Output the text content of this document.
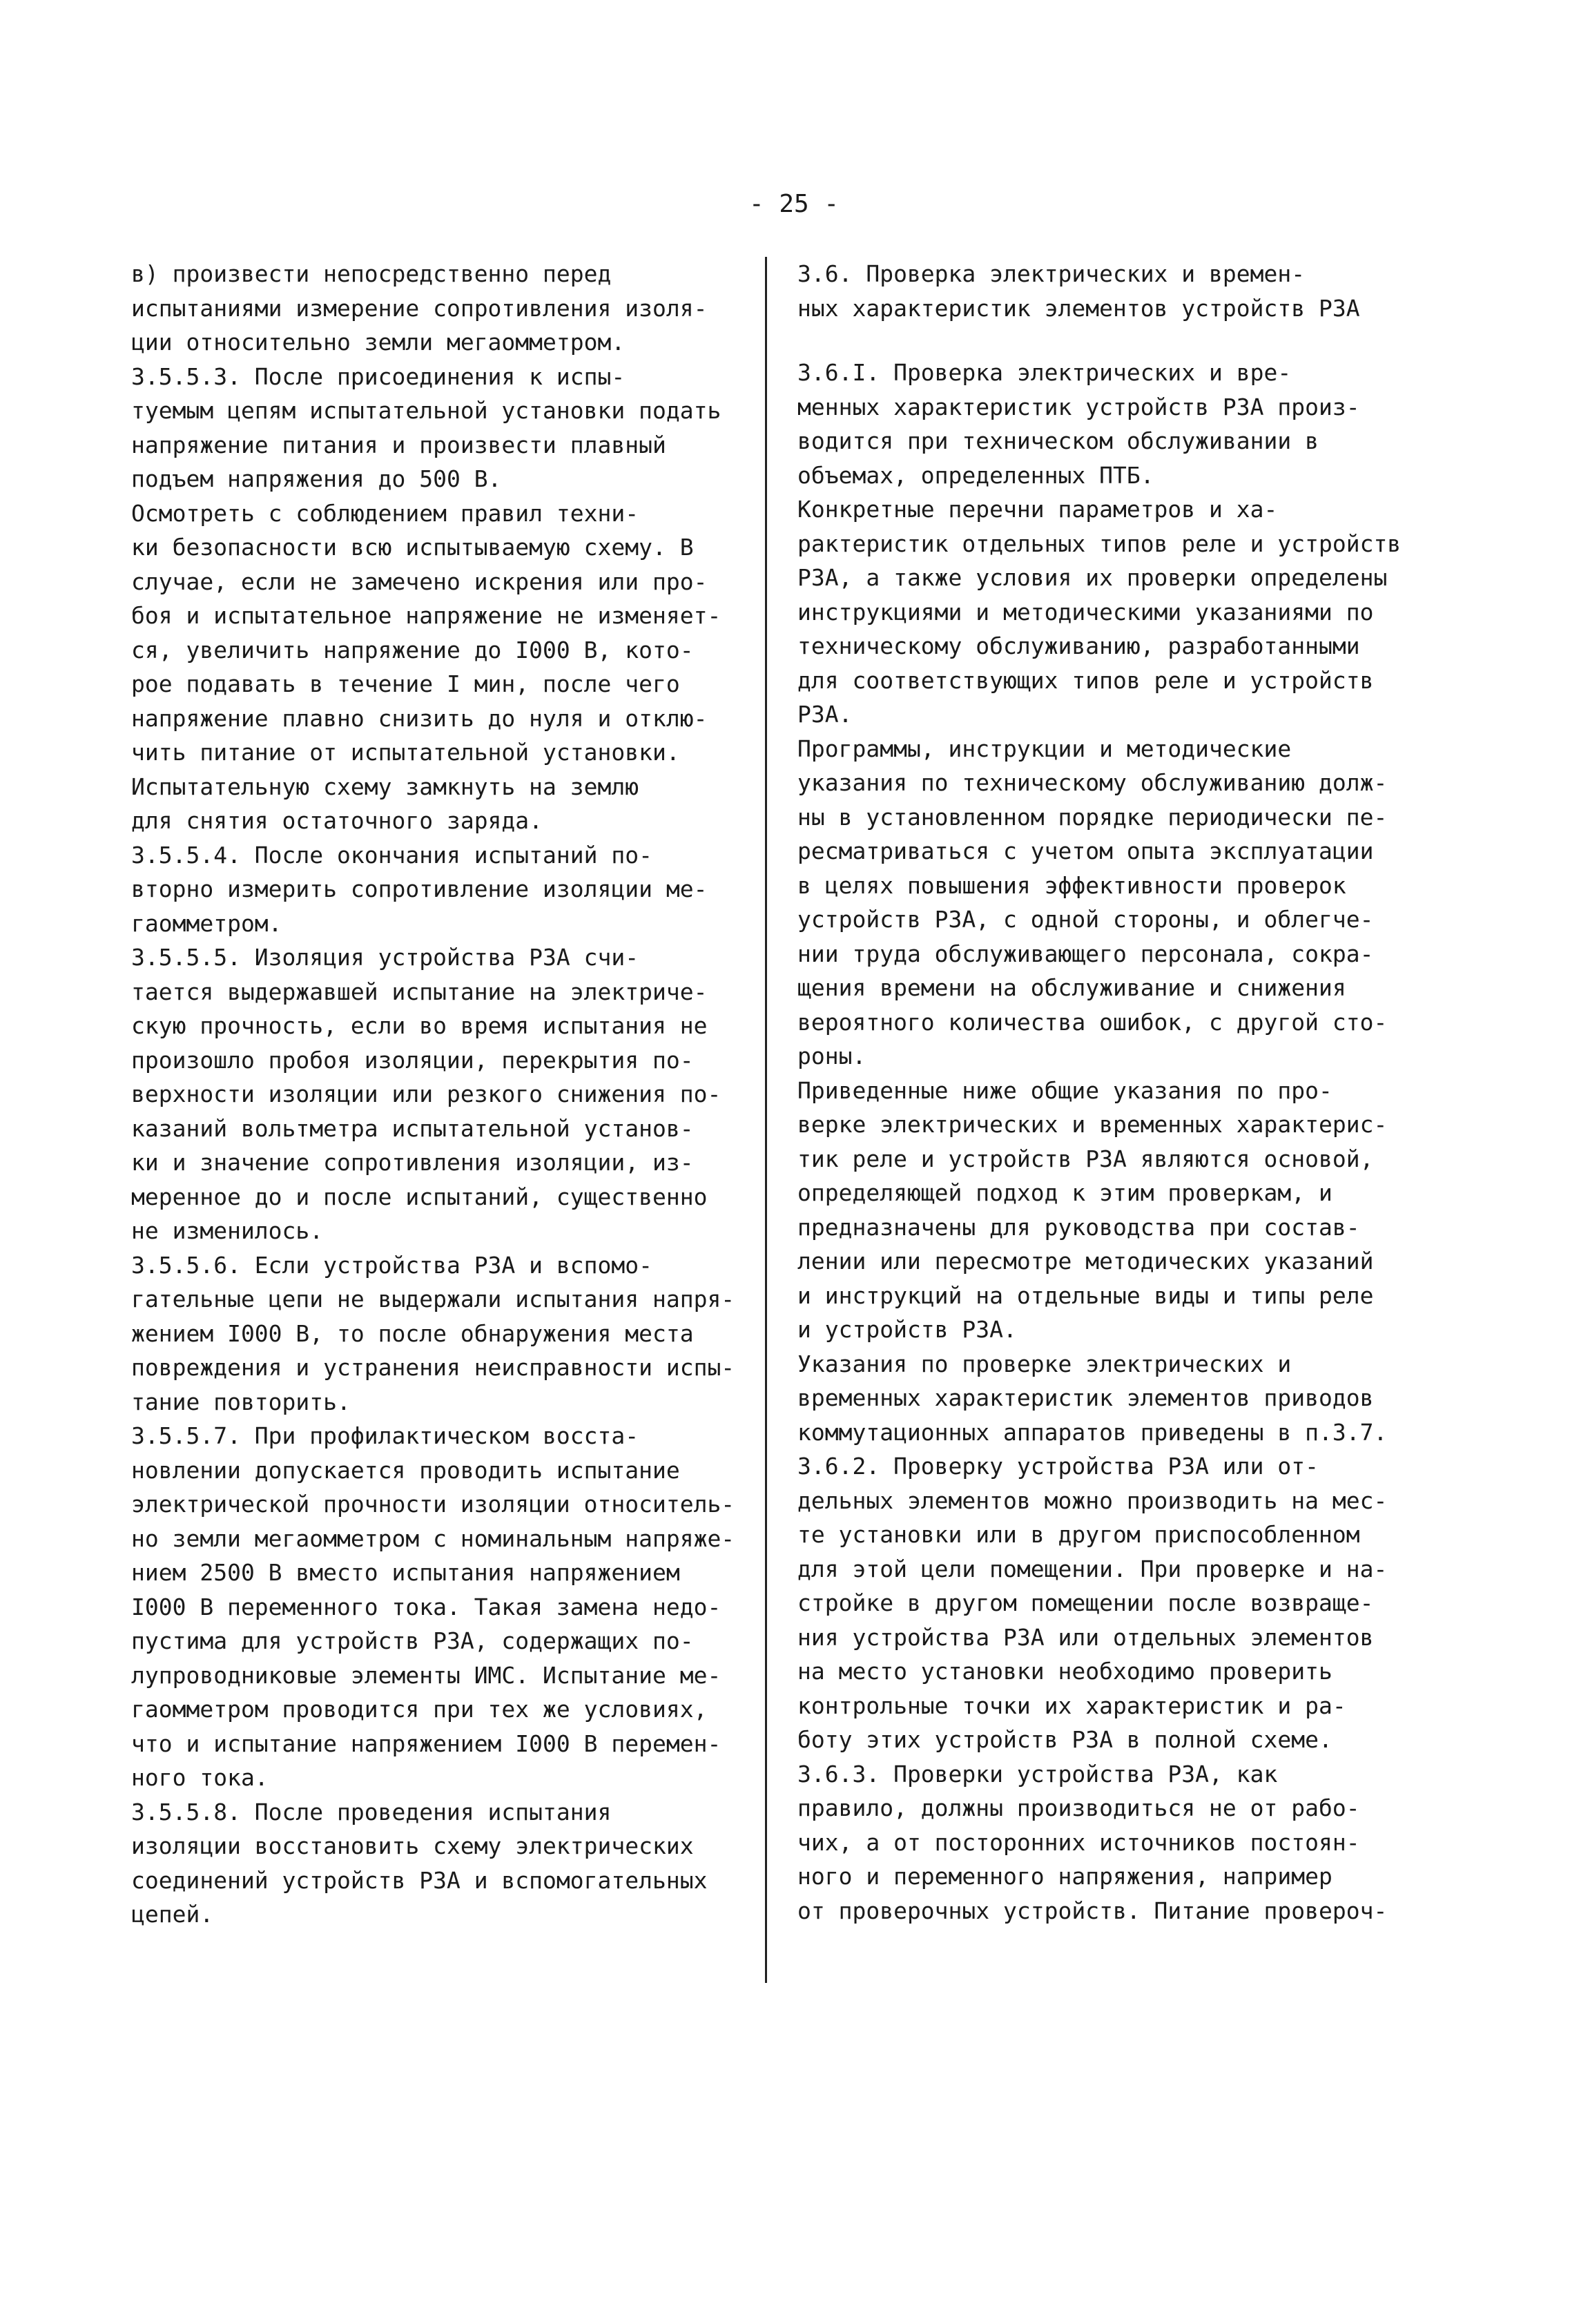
- 25 -

в) произвести непосредственно перед
испытаниями измерение сопротивления изоля-
ции относительно земли мегаомметром.

3.5.5.3. После присоединения к испы-
туемым цепям испытательной установки подать
напряжение питания и произвести плавный
подъем напряжения до 500 В.

Осмотреть с соблюдением правил техни-
ки безопасности всю испытываемую схему. В
случае, если не замечено искрения или про-
боя и испытательное напряжение не изменяет-
ся, увеличить напряжение до I000 В, кото-
рое подавать в течение I мин, после чего
напряжение плавно снизить до нуля и отклю-
чить питание от испытательной установки.

Испытательную схему замкнуть на землю
для снятия остаточного заряда.

3.5.5.4. После окончания испытаний по-
вторно измерить сопротивление изоляции ме-
гаомметром.

3.5.5.5. Изоляция устройства РЗА счи-
тается выдержавшей испытание на электриче-
скую прочность, если во время испытания не
произошло пробоя изоляции, перекрытия по-
верхности изоляции или резкого снижения по-
казаний вольтметра испытательной установ-
ки и значение сопротивления изоляции, из-
меренное до и после испытаний, существенно
не изменилось.

3.5.5.6. Если устройства РЗА и вспомо-
гательные цепи не выдержали испытания напря-
жением I000 В, то после обнаружения места
повреждения и устранения неисправности испы-
тание повторить.

3.5.5.7. При профилактическом восста-
новлении допускается проводить испытание
электрической прочности изоляции относитель-
но земли мегаомметром с номинальным напряже-
нием 2500 В вместо испытания напряжением
I000 В переменного тока. Такая замена недо-
пустима для устройств РЗА, содержащих по-
лупроводниковые элементы ИМС. Испытание ме-
гаомметром проводится при тех же условиях,
что и испытание напряжением I000 В перемен-
ного тока.

3.5.5.8. После проведения испытания
изоляции восстановить схему электрических
соединений устройств РЗА и вспомогательных
цепей.

3.6. Проверка электрических и времен-
ных характеристик элементов устройств РЗА

3.6.I. Проверка электрических и вре-
менных характеристик устройств РЗА произ-
водится при техническом обслуживании в
объемах, определенных ПТБ.

Конкретные перечни параметров и ха-
рактеристик отдельных типов реле и устройств
РЗА, а также условия их проверки определены
инструкциями и методическими указаниями по
техническому обслуживанию, разработанными
для соответствующих типов реле и устройств
РЗА.

Программы, инструкции и методические
указания по техническому обслуживанию долж-
ны в установленном порядке периодически пе-
ресматриваться с учетом опыта эксплуатации
в целях повышения эффективности проверок
устройств РЗА, с одной стороны, и облегче-
нии труда обслуживающего персонала, сокра-
щения времени на обслуживание и снижения
вероятного количества ошибок, с другой сто-
роны.

Приведенные ниже общие указания по про-
верке электрических и временных характерис-
тик реле и устройств РЗА являются основой,
определяющей подход к этим проверкам, и
предназначены для руководства при состав-
лении или пересмотре методических указаний
и инструкций на отдельные виды и типы реле
и устройств РЗА.

Указания по проверке электрических и
временных характеристик элементов приводов
коммутационных аппаратов приведены в п.3.7.

3.6.2. Проверку устройства РЗА или от-
дельных элементов можно производить на мес-
те установки или в другом приспособленном
для этой цели помещении. При проверке и на-
стройке в другом помещении после возвраще-
ния устройства РЗА или отдельных элементов
на место установки необходимо проверить
контрольные точки их характеристик и ра-
боту этих устройств РЗА в полной схеме.

3.6.3. Проверки устройства РЗА, как
правило, должны производиться не от рабо-
чих, а от посторонних источников постоян-
ного и переменного напряжения, например
от проверочных устройств. Питание провероч-
